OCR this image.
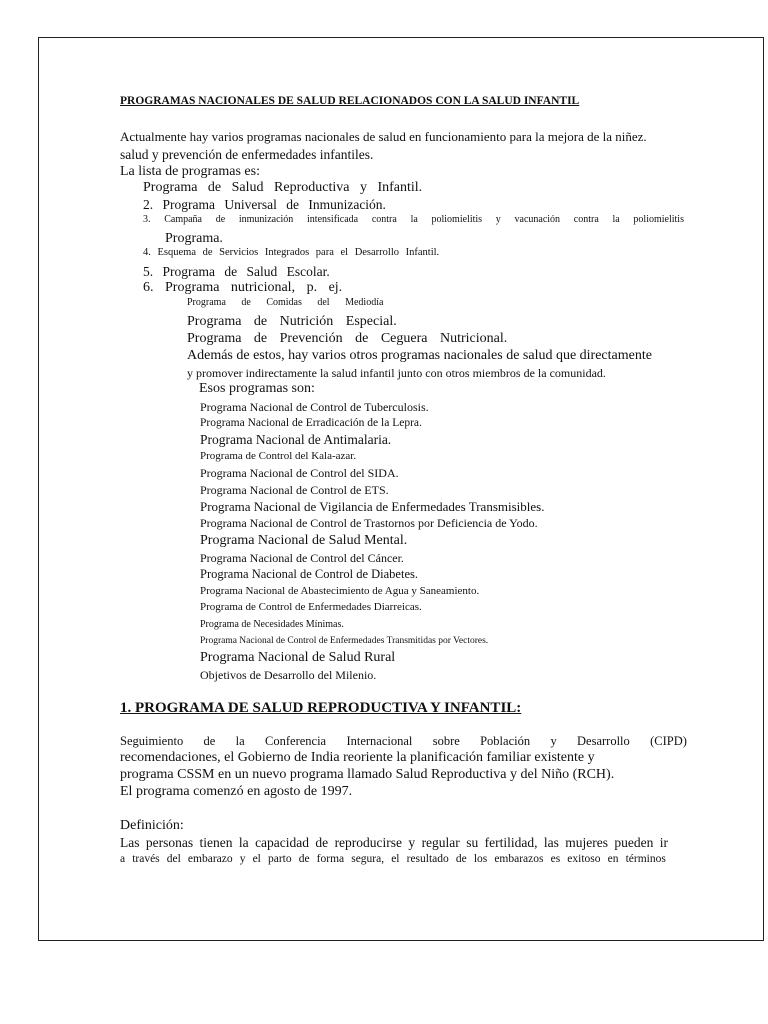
PROGRAMAS NACIONALES DE SALUD RELACIONADOS CON LA SALUD INFANTIL
Actualmente hay varios programas nacionales de salud en funcionamiento para la mejora de la niñez.
salud y prevención de enfermedades infantiles.
La lista de programas es:
Programa de Salud Reproductiva y Infantil.
2. Programa Universal de Inmunización.
3. Campaña de inmunización intensificada contra la poliomielitis y vacunación contra la poliomielitis
Programa.
4. Esquema de Servicios Integrados para el Desarrollo Infantil.
5. Programa de Salud Escolar.
6. Programa nutricional, p. ej.
Programa de Comidas del Mediodía
Programa de Nutrición Especial.
Programa de Prevención de Ceguera Nutricional.
Además de estos, hay varios otros programas nacionales de salud que directamente
y promover indirectamente la salud infantil junto con otros miembros de la comunidad.
Esos programas son:
Programa Nacional de Control de Tuberculosis.
Programa Nacional de Erradicación de la Lepra.
Programa Nacional de Antimalaria.
Programa de Control del Kala-azar.
Programa Nacional de Control del SIDA.
Programa Nacional de Control de ETS.
Programa Nacional de Vigilancia de Enfermedades Transmisibles.
Programa Nacional de Control de Trastornos por Deficiencia de Yodo.
Programa Nacional de Salud Mental.
Programa Nacional de Control del Cáncer.
Programa Nacional de Control de Diabetes.
Programa Nacional de Abastecimiento de Agua y Saneamiento.
Programa de Control de Enfermedades Diarreicas.
Programa de Necesidades Mínimas.
Programa Nacional de Control de Enfermedades Transmitidas por Vectores.
Programa Nacional de Salud Rural
Objetivos de Desarrollo del Milenio.
1. PROGRAMA DE SALUD REPRODUCTIVA Y INFANTIL:
Seguimiento de la Conferencia Internacional sobre Población y Desarrollo (CIPD)
recomendaciones, el Gobierno de India reoriente la planificación familiar existente y
programa CSSM en un nuevo programa llamado Salud Reproductiva y del Niño (RCH).
El programa comenzó en agosto de 1997.
Definición:
Las personas tienen la capacidad de reproducirse y regular su fertilidad, las mujeres pueden ir
a través del embarazo y el parto de forma segura, el resultado de los embarazos es exitoso en términos
